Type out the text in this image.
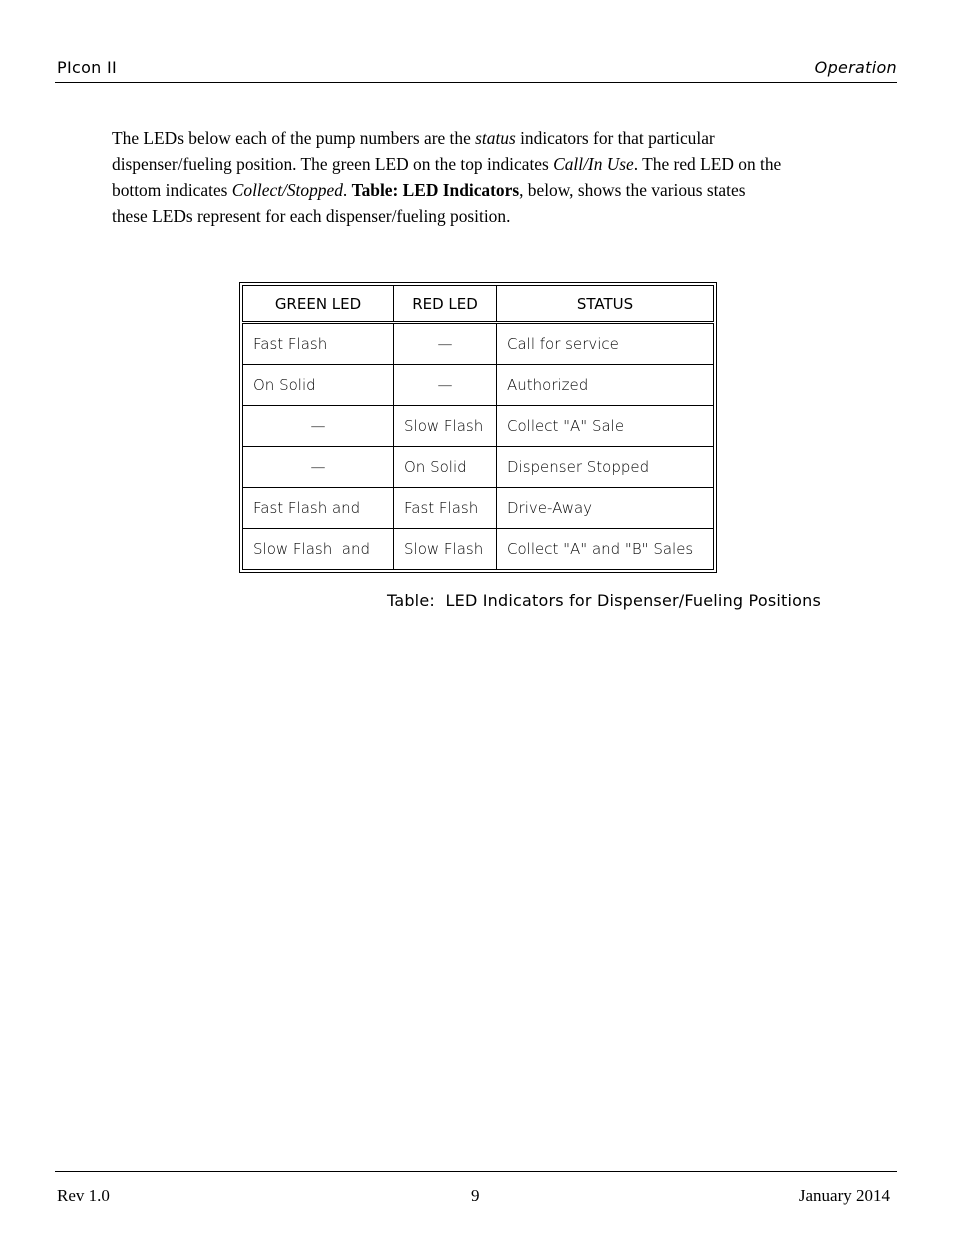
PIcon II	Operation
The LEDs below each of the pump numbers are the status indicators for that particular
dispenser/fueling position. The green LED on the top indicates Call/In Use. The red LED on the
bottom indicates Collect/Stopped. Table: LED Indicators, below, shows the various states
these LEDs represent for each dispenser/fueling position.
GREEN LED	RED LED	STATUS
Fast Flash	—	Call for service
On Solid	—	Authorized
—	Slow Flash	Collect "A" Sale
—	On Solid	Dispenser Stopped
Fast Flash and	Fast Flash	Drive-Away
Slow Flash  and	Slow Flash	Collect "A" and "B" Sales
Table:  LED Indicators for Dispenser/Fueling Positions
Rev 1.0	9	January 2014
